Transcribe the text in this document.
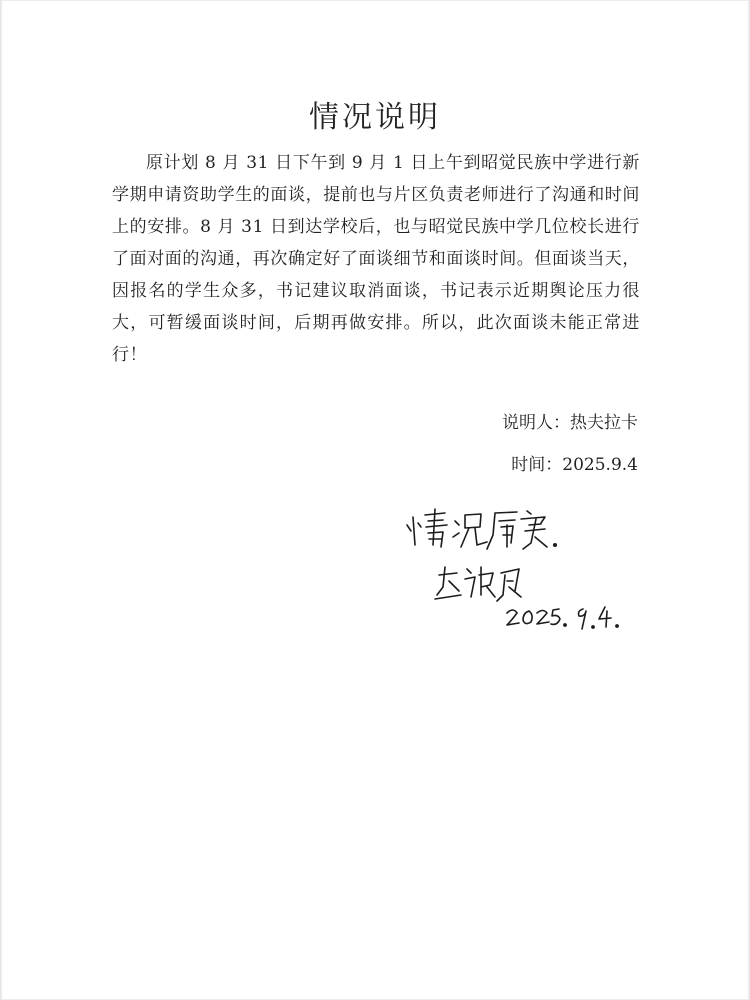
情况说明

原计划 8 月 31 日下午到 9 月 1 日上午到昭觉民族中学进行新学期申请资助学生的面谈，提前也与片区负责老师进行了沟通和时间上的安排。8 月 31 日到达学校后，也与昭觉民族中学几位校长进行了面对面的沟通，再次确定好了面谈细节和面谈时间。但面谈当天，因报名的学生众多，书记建议取消面谈，书记表示近期舆论压力很大，可暂缓面谈时间，后期再做安排。所以，此次面谈未能正常进行！

说明人：热夫拉卡

时间：2025.9.4
